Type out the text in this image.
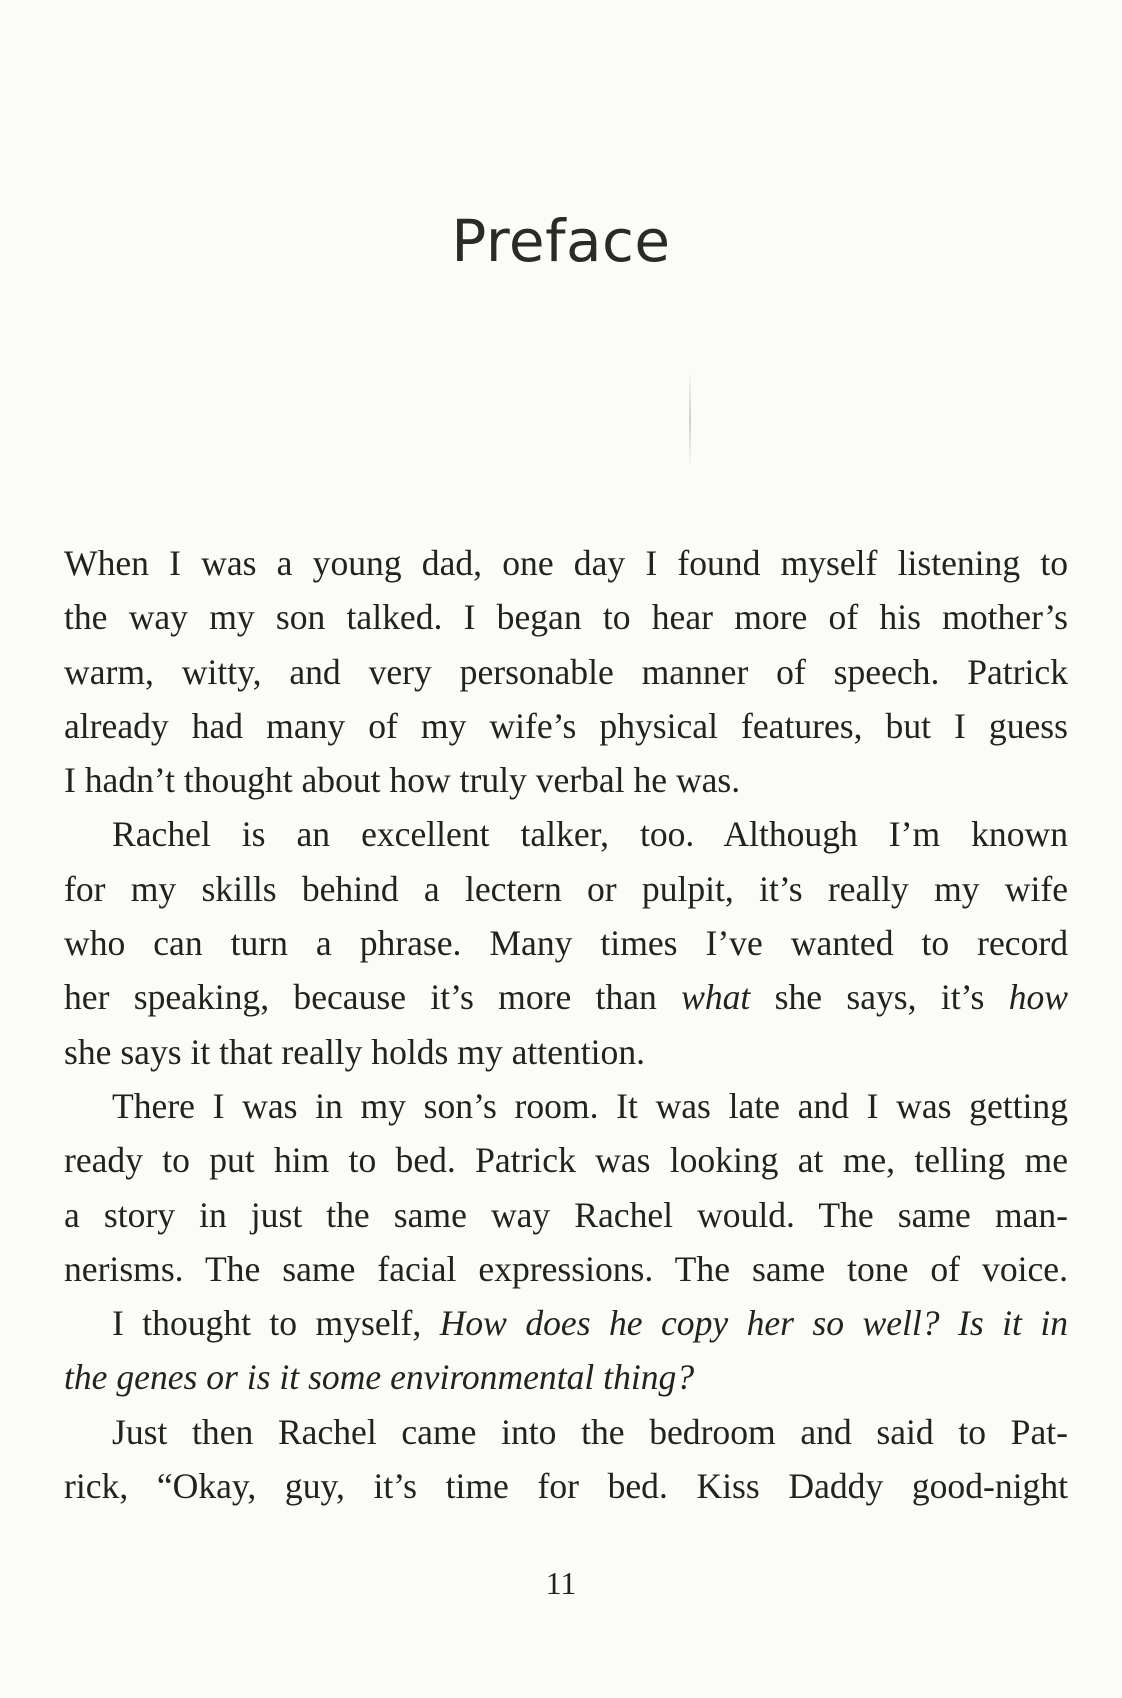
Preface
When I was a young dad, one day I found myself listening to
the way my son talked. I began to hear more of his mother’s
warm, witty, and very personable manner of speech. Patrick
already had many of my wife’s physical features, but I guess
I hadn’t thought about how truly verbal he was.
Rachel is an excellent talker, too. Although I’m known
for my skills behind a lectern or pulpit, it’s really my wife
who can turn a phrase. Many times I’ve wanted to record
her speaking, because it’s more than what she says, it’s how
she says it that really holds my attention.
There I was in my son’s room. It was late and I was getting
ready to put him to bed. Patrick was looking at me, telling me
a story in just the same way Rachel would. The same man-
nerisms. The same facial expressions. The same tone of voice.
I thought to myself, How does he copy her so well? Is it in
the genes or is it some environmental thing?
Just then Rachel came into the bedroom and said to Pat-
rick, “Okay, guy, it’s time for bed. Kiss Daddy good-night
11
